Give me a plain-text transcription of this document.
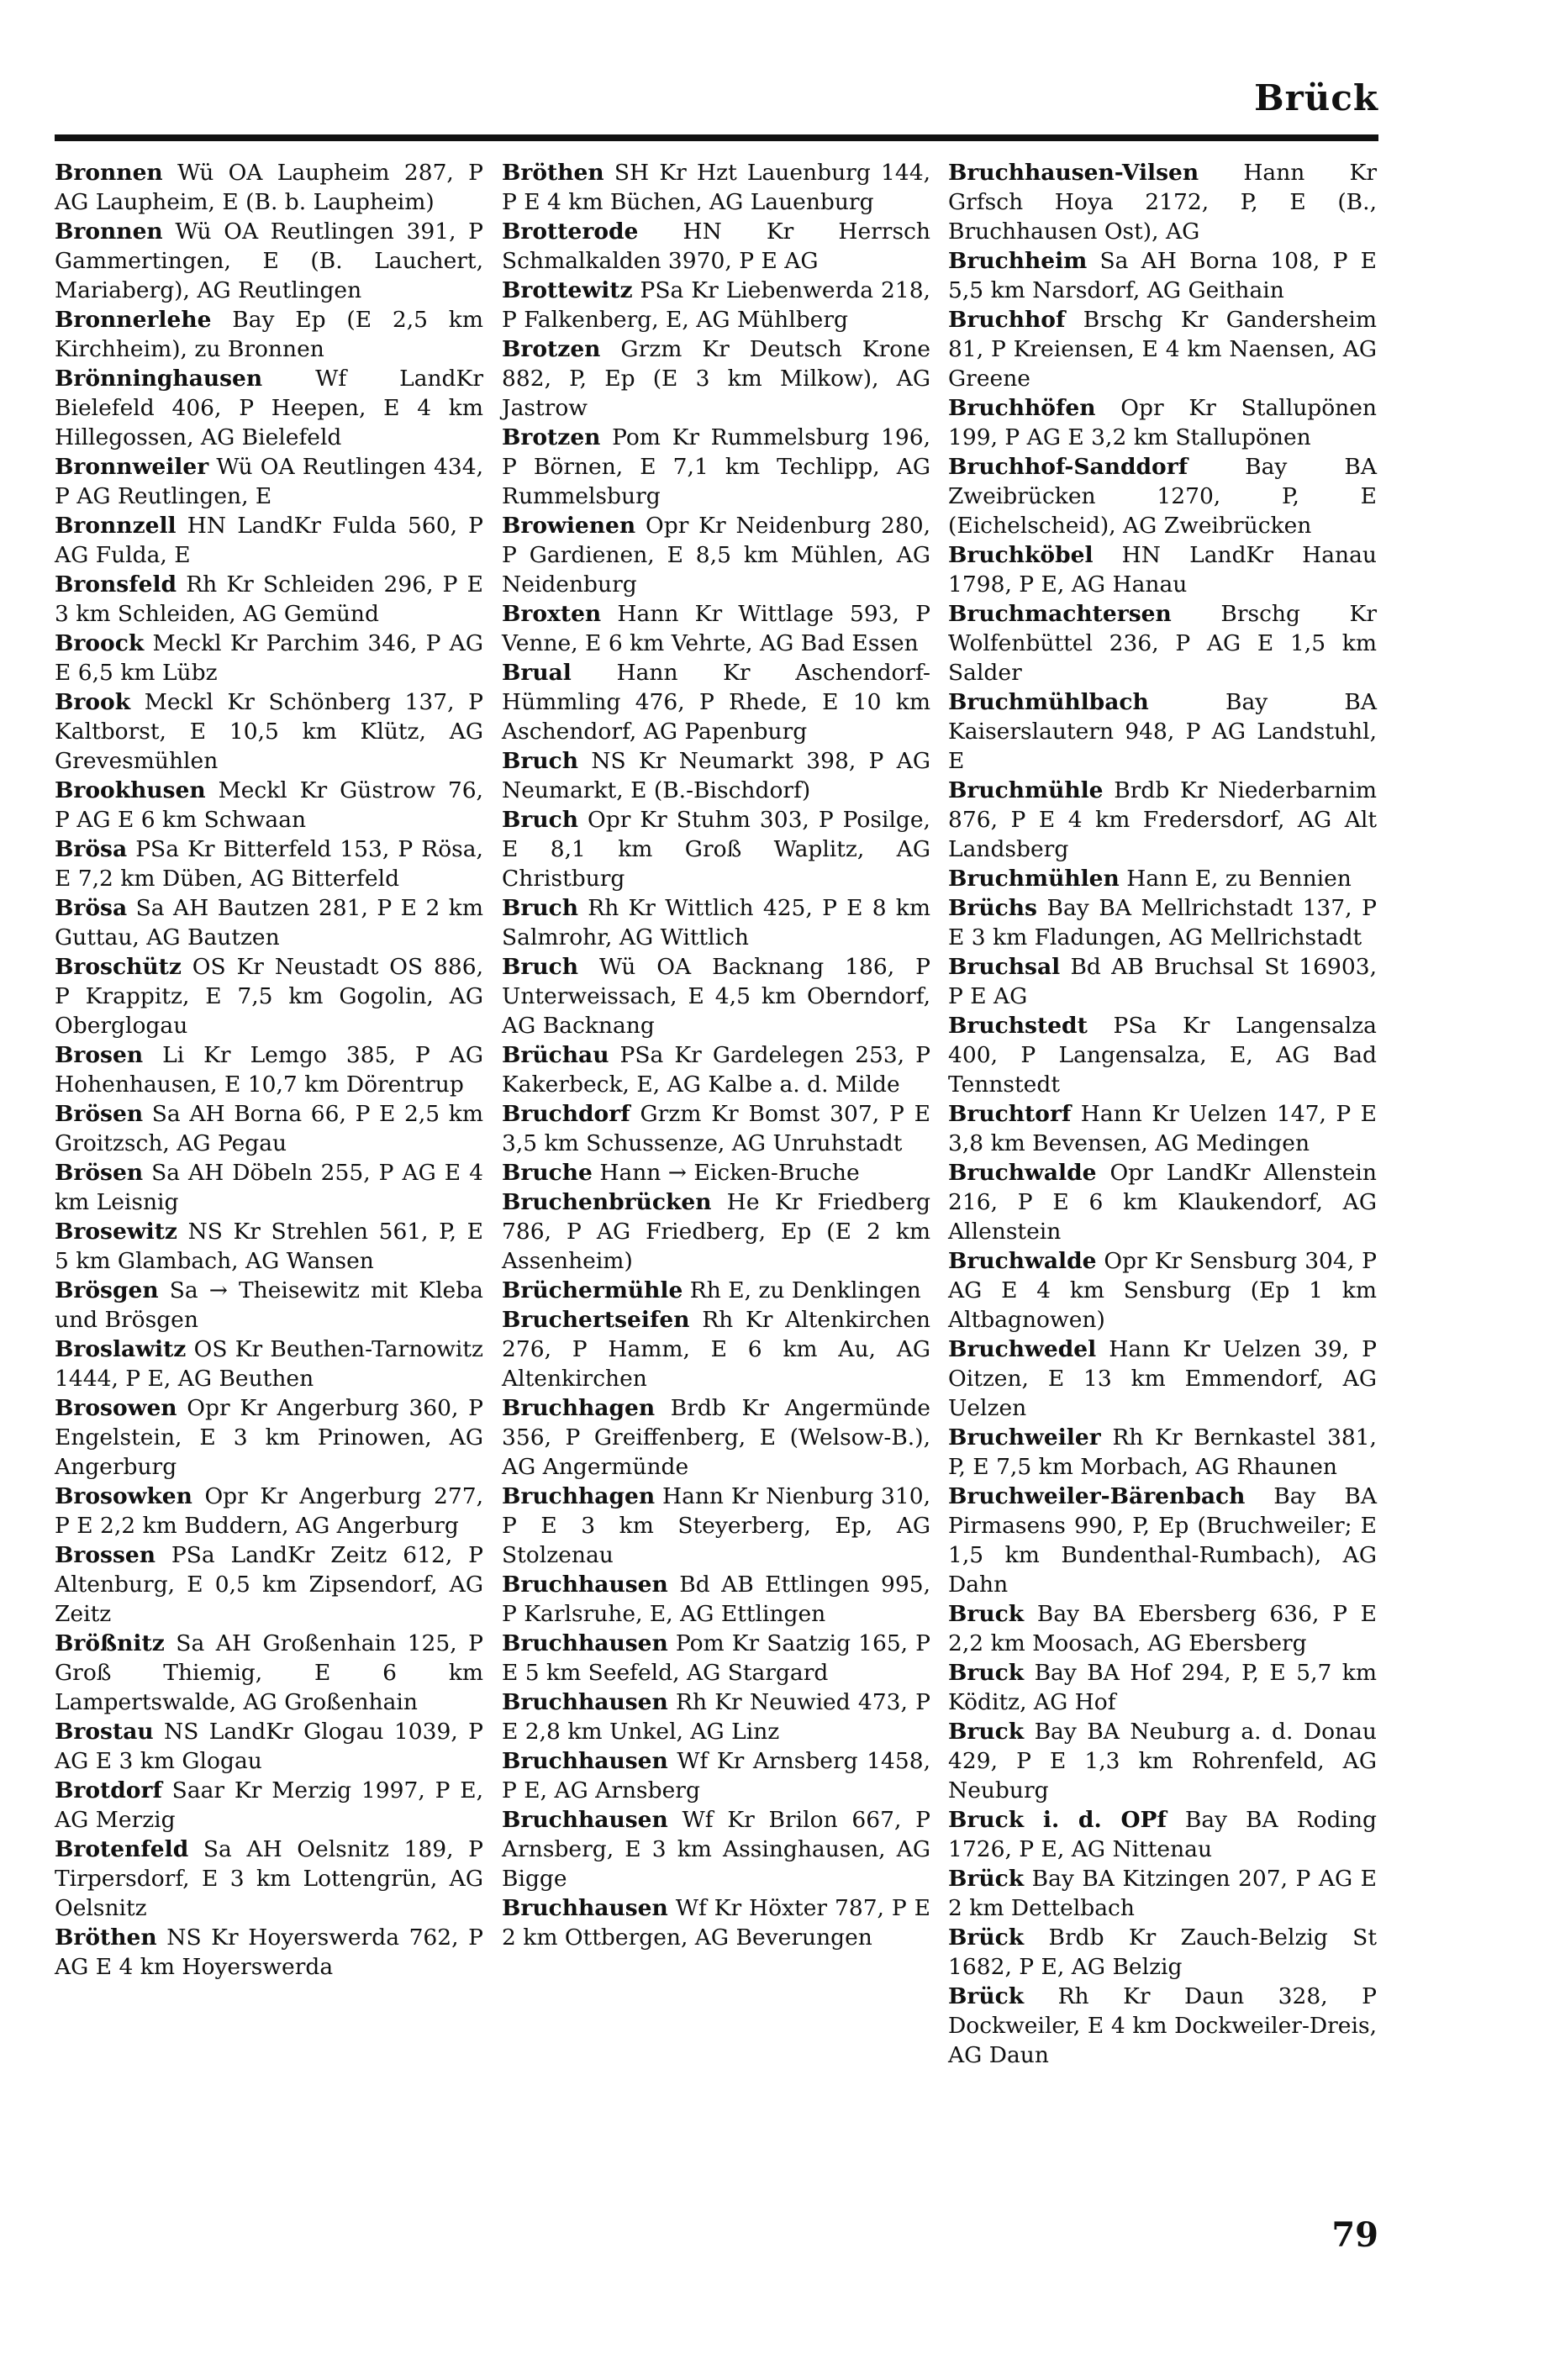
Brück

Bronnen Wü OA Laupheim 287, P AG Laupheim, E (B. b. Laupheim)

Bronnen Wü OA Reutlingen 391, P Gammertingen, E (B. Lauchert, Mariaberg), AG Reutlingen

Bronnerlehe Bay Ep (E 2,5 km Kirchheim), zu Bronnen

Brönninghausen Wf LandKr Bielefeld 406, P Heepen, E 4 km Hillegossen, AG Bielefeld

Bronnweiler Wü OA Reutlingen 434, P AG Reutlingen, E

Bronnzell HN LandKr Fulda 560, P AG Fulda, E

Bronsfeld Rh Kr Schleiden 296, P E 3 km Schleiden, AG Gemünd

Broock Meckl Kr Parchim 346, P AG E 6,5 km Lübz

Brook Meckl Kr Schönberg 137, P Kaltborst, E 10,5 km Klütz, AG Grevesmühlen

Brookhusen Meckl Kr Güstrow 76, P AG E 6 km Schwaan

Brösa PSa Kr Bitterfeld 153, P Rösa, E 7,2 km Düben, AG Bitterfeld

Brösa Sa AH Bautzen 281, P E 2 km Guttau, AG Bautzen

Broschütz OS Kr Neustadt OS 886, P Krappitz, E 7,5 km Gogolin, AG Oberglogau

Brosen Li Kr Lemgo 385, P AG Hohenhausen, E 10,7 km Dörentrup

Brösen Sa AH Borna 66, P E 2,5 km Groitzsch, AG Pegau

Brösen Sa AH Döbeln 255, P AG E 4 km Leisnig

Brosewitz NS Kr Strehlen 561, P, E 5 km Glambach, AG Wansen

Brösgen Sa → Theisewitz mit Kleba und Brösgen

Broslawitz OS Kr Beuthen-Tarnowitz 1444, P E, AG Beuthen

Brosowen Opr Kr Angerburg 360, P Engelstein, E 3 km Prinowen, AG Angerburg

Brosowken Opr Kr Angerburg 277, P E 2,2 km Buddern, AG Angerburg

Brossen PSa LandKr Zeitz 612, P Altenburg, E 0,5 km Zipsendorf, AG Zeitz

Brößnitz Sa AH Großenhain 125, P Groß Thiemig, E 6 km Lampertswalde, AG Großenhain

Brostau NS LandKr Glogau 1039, P AG E 3 km Glogau

Brotdorf Saar Kr Merzig 1997, P E, AG Merzig

Brotenfeld Sa AH Oelsnitz 189, P Tirpersdorf, E 3 km Lottengrün, AG Oelsnitz

Bröthen NS Kr Hoyerswerda 762, P AG E 4 km Hoyerswerda

Bröthen SH Kr Hzt Lauenburg 144, P E 4 km Büchen, AG Lauenburg

Brotterode HN Kr Herrsch Schmalkalden 3970, P E AG

Brottewitz PSa Kr Liebenwerda 218, P Falkenberg, E, AG Mühlberg

Brotzen Grzm Kr Deutsch Krone 882, P, Ep (E 3 km Milkow), AG Jastrow

Brotzen Pom Kr Rummelsburg 196, P Börnen, E 7,1 km Techlipp, AG Rummelsburg

Browienen Opr Kr Neidenburg 280, P Gardienen, E 8,5 km Mühlen, AG Neidenburg

Broxten Hann Kr Wittlage 593, P Venne, E 6 km Vehrte, AG Bad Essen

Brual Hann Kr Aschendorf-Hümmling 476, P Rhede, E 10 km Aschendorf, AG Papenburg

Bruch NS Kr Neumarkt 398, P AG Neumarkt, E (B.-Bischdorf)

Bruch Opr Kr Stuhm 303, P Posilge, E 8,1 km Groß Waplitz, AG Christburg

Bruch Rh Kr Wittlich 425, P E 8 km Salmrohr, AG Wittlich

Bruch Wü OA Backnang 186, P Unterweissach, E 4,5 km Oberndorf, AG Backnang

Brüchau PSa Kr Gardelegen 253, P Kakerbeck, E, AG Kalbe a. d. Milde

Bruchdorf Grzm Kr Bomst 307, P E 3,5 km Schussenze, AG Unruhstadt

Bruche Hann → Eicken-Bruche

Bruchenbrücken He Kr Friedberg 786, P AG Friedberg, Ep (E 2 km Assenheim)

Brüchermühle Rh E, zu Denklingen

Bruchertseifen Rh Kr Altenkirchen 276, P Hamm, E 6 km Au, AG Altenkirchen

Bruchhagen Brdb Kr Angermünde 356, P Greiffenberg, E (Welsow-B.), AG Angermünde

Bruchhagen Hann Kr Nienburg 310, P E 3 km Steyerberg, Ep, AG Stolzenau

Bruchhausen Bd AB Ettlingen 995, P Karlsruhe, E, AG Ettlingen

Bruchhausen Pom Kr Saatzig 165, P E 5 km Seefeld, AG Stargard

Bruchhausen Rh Kr Neuwied 473, P E 2,8 km Unkel, AG Linz

Bruchhausen Wf Kr Arnsberg 1458, P E, AG Arnsberg

Bruchhausen Wf Kr Brilon 667, P Arnsberg, E 3 km Assinghausen, AG Bigge

Bruchhausen Wf Kr Höxter 787, P E 2 km Ottbergen, AG Beverungen

Bruchhausen-Vilsen Hann Kr Grfsch Hoya 2172, P, E (B., Bruchhausen Ost), AG

Bruchheim Sa AH Borna 108, P E 5,5 km Narsdorf, AG Geithain

Bruchhof Brschg Kr Gandersheim 81, P Kreiensen, E 4 km Naensen, AG Greene

Bruchhöfen Opr Kr Stallupönen 199, P AG E 3,2 km Stallupönen

Bruchhof-Sanddorf	Bay BA Zweibrücken 1270, P, E (Eichelscheid), AG Zweibrücken

Bruchköbel HN LandKr Hanau 1798, P E, AG Hanau

Bruchmachtersen Brschg Kr Wolfenbüttel 236, P AG E 1,5 km Salder

Bruchmühlbach	Bay BA Kaiserslautern 948, P AG Landstuhl, E

Bruchmühle Brdb Kr Niederbarnim 876, P E 4 km Fredersdorf, AG Alt Landsberg

Bruchmühlen Hann E, zu Bennien

Brüchs Bay BA Mellrichstadt 137, P E 3 km Fladungen, AG Mellrichstadt

Bruchsal Bd AB Bruchsal St 16903, P E AG

Bruchstedt PSa Kr Langensalza 400, P Langensalza, E, AG Bad Tennstedt

Bruchtorf Hann Kr Uelzen 147, P E 3,8 km Bevensen, AG Medingen

Bruchwalde Opr LandKr Allenstein 216, P E 6 km Klaukendorf, AG Allenstein

Bruchwalde Opr Kr Sensburg 304, P AG E 4 km Sensburg (Ep 1 km Altbagnowen)

Bruchwedel Hann Kr Uelzen 39, P Oitzen, E 13 km Emmendorf, AG Uelzen

Bruchweiler Rh Kr Bernkastel 381, P, E 7,5 km Morbach, AG Rhaunen

Bruchweiler-Bärenbach Bay BA Pirmasens 990, P, Ep (Bruchweiler; E 1,5 km Bundenthal-Rumbach), AG Dahn

Bruck Bay BA Ebersberg 636, P E 2,2 km Moosach, AG Ebersberg

Bruck Bay BA Hof 294, P, E 5,7 km Köditz, AG Hof

Bruck Bay BA Neuburg a. d. Donau 429, P E 1,3 km Rohrenfeld, AG Neuburg

Bruck i. d. OPf Bay BA Roding 1726, P E, AG Nittenau

Brück Bay BA Kitzingen 207, P AG E 2 km Dettelbach

Brück Brdb Kr Zauch-Belzig St 1682, P E, AG Belzig

Brück Rh Kr Daun 328, P Dockweiler, E 4 km Dockweiler-Dreis, AG Daun

79
